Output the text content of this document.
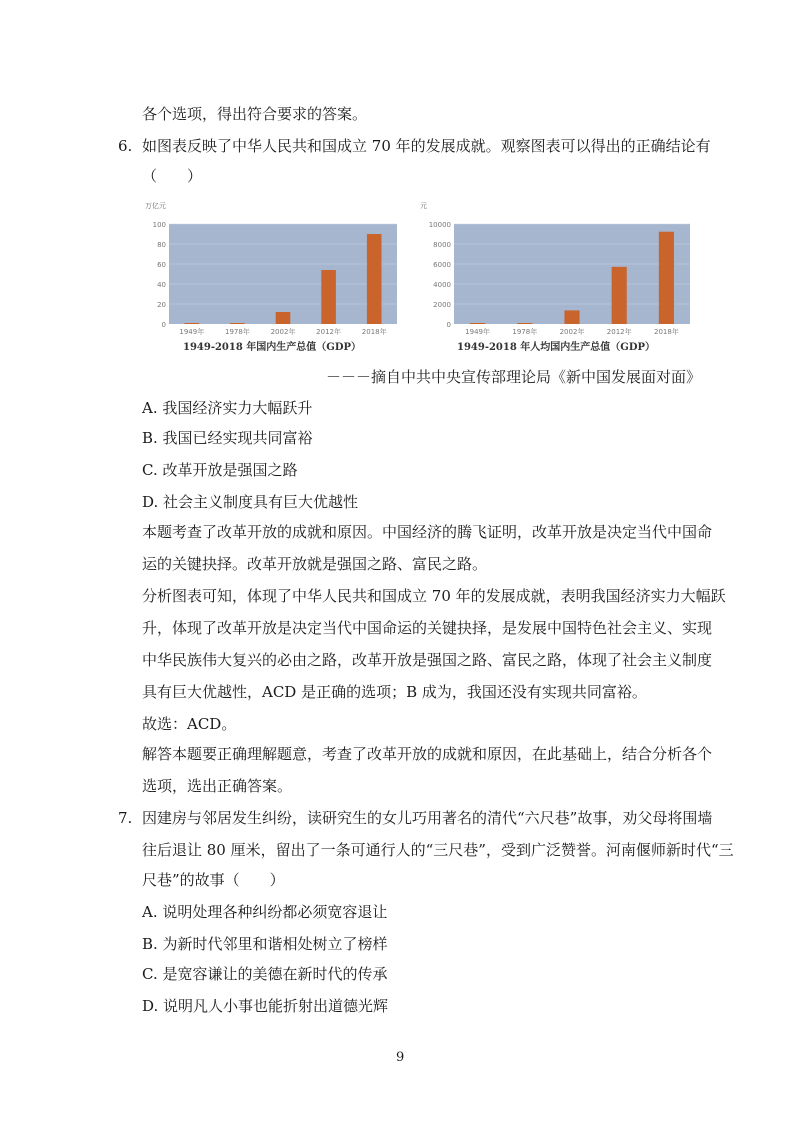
各个选项，得出符合要求的答案。
6. 如图表反映了中华人民共和国成立 70 年的发展成就。观察图表可以得出的正确结论有
（　　）
万亿元
0
20
40
60
80
100
1949年	1978年	2002年	2012年	2018年
1949-2018 年国内生产总值（GDP）
元
0
2000
4000
6000
8000
10000
1949年	1978年	2002年	2012年	2018年
1949-2018 年人均国内生产总值（GDP）
－－－摘自中共中央宣传部理论局《新中国发展面对面》
A. 我国经济实力大幅跃升
B. 我国已经实现共同富裕
C. 改革开放是强国之路
D. 社会主义制度具有巨大优越性
本题考查了改革开放的成就和原因。中国经济的腾飞证明，改革开放是决定当代中国命
运的关键抉择。改革开放就是强国之路、富民之路。
分析图表可知，体现了中华人民共和国成立 70 年的发展成就，表明我国经济实力大幅跃
升，体现了改革开放是决定当代中国命运的关键抉择，是发展中国特色社会主义、实现
中华民族伟大复兴的必由之路，改革开放是强国之路、富民之路，体现了社会主义制度
具有巨大优越性，ACD 是正确的选项；B 成为，我国还没有实现共同富裕。
故选：ACD。
解答本题要正确理解题意，考查了改革开放的成就和原因，在此基础上，结合分析各个
选项，选出正确答案。
7. 因建房与邻居发生纠纷，读研究生的女儿巧用著名的清代“六尺巷”故事，劝父母将围墙
往后退让 80 厘米，留出了一条可通行人的“三尺巷”，受到广泛赞誉。河南偃师新时代“三
尺巷”的故事（　　）
A. 说明处理各种纠纷都必须宽容退让
B. 为新时代邻里和谐相处树立了榜样
C. 是宽容谦让的美德在新时代的传承
D. 说明凡人小事也能折射出道德光辉
9
